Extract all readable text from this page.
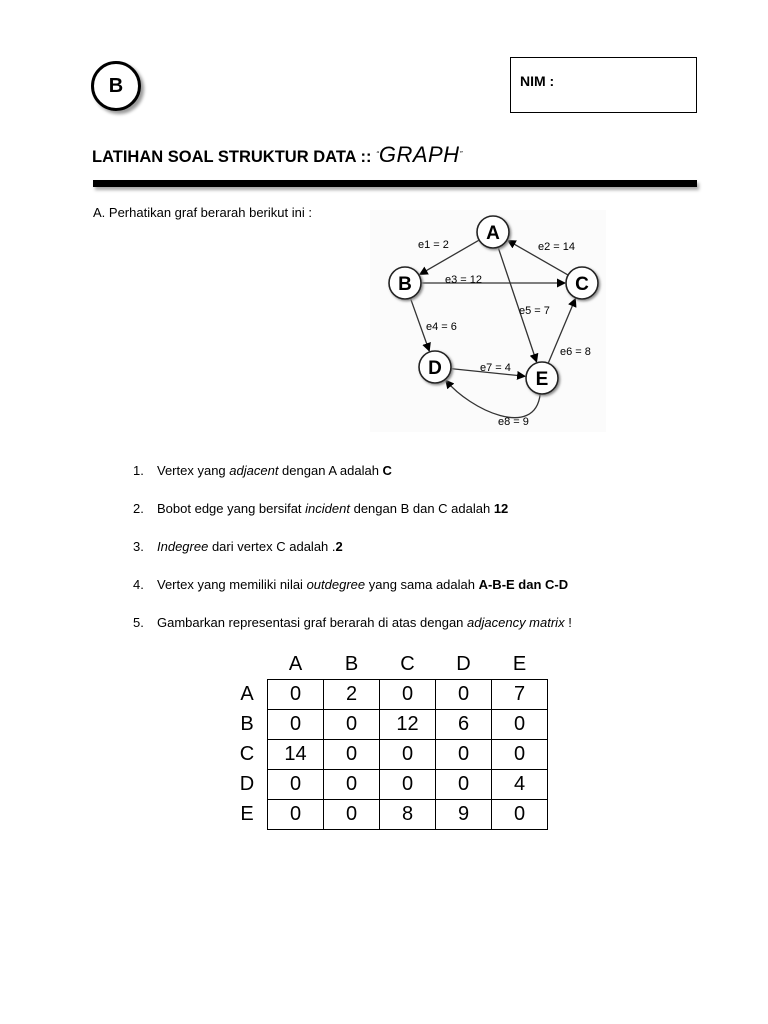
B	NIM :
LATIHAN SOAL STRUKTUR DATA :: “GRAPH”
A. Perhatikan graf berarah berikut ini :
e1 = 2	e2 = 14
e3 = 12
e4 = 6
e5 = 7
e6 = 8
e7 = 4
e8 = 9
A
B	C
D
E
1. Vertex yang adjacent dengan A adalah C
2. Bobot edge yang bersifat incident dengan B dan C adalah 12
3. Indegree dari vertex C adalah .2
4. Vertex yang memiliki nilai outdegree yang sama adalah A-B-E dan C-D
5. Gambarkan representasi graf berarah di atas dengan adjacency matrix !
	A	B	C	D	E
A	0	2	0	0	7
B	0	0	12	6	0
C	14	0	0	0	0
D	0	0	0	0	4
E	0	0	8	9	0
